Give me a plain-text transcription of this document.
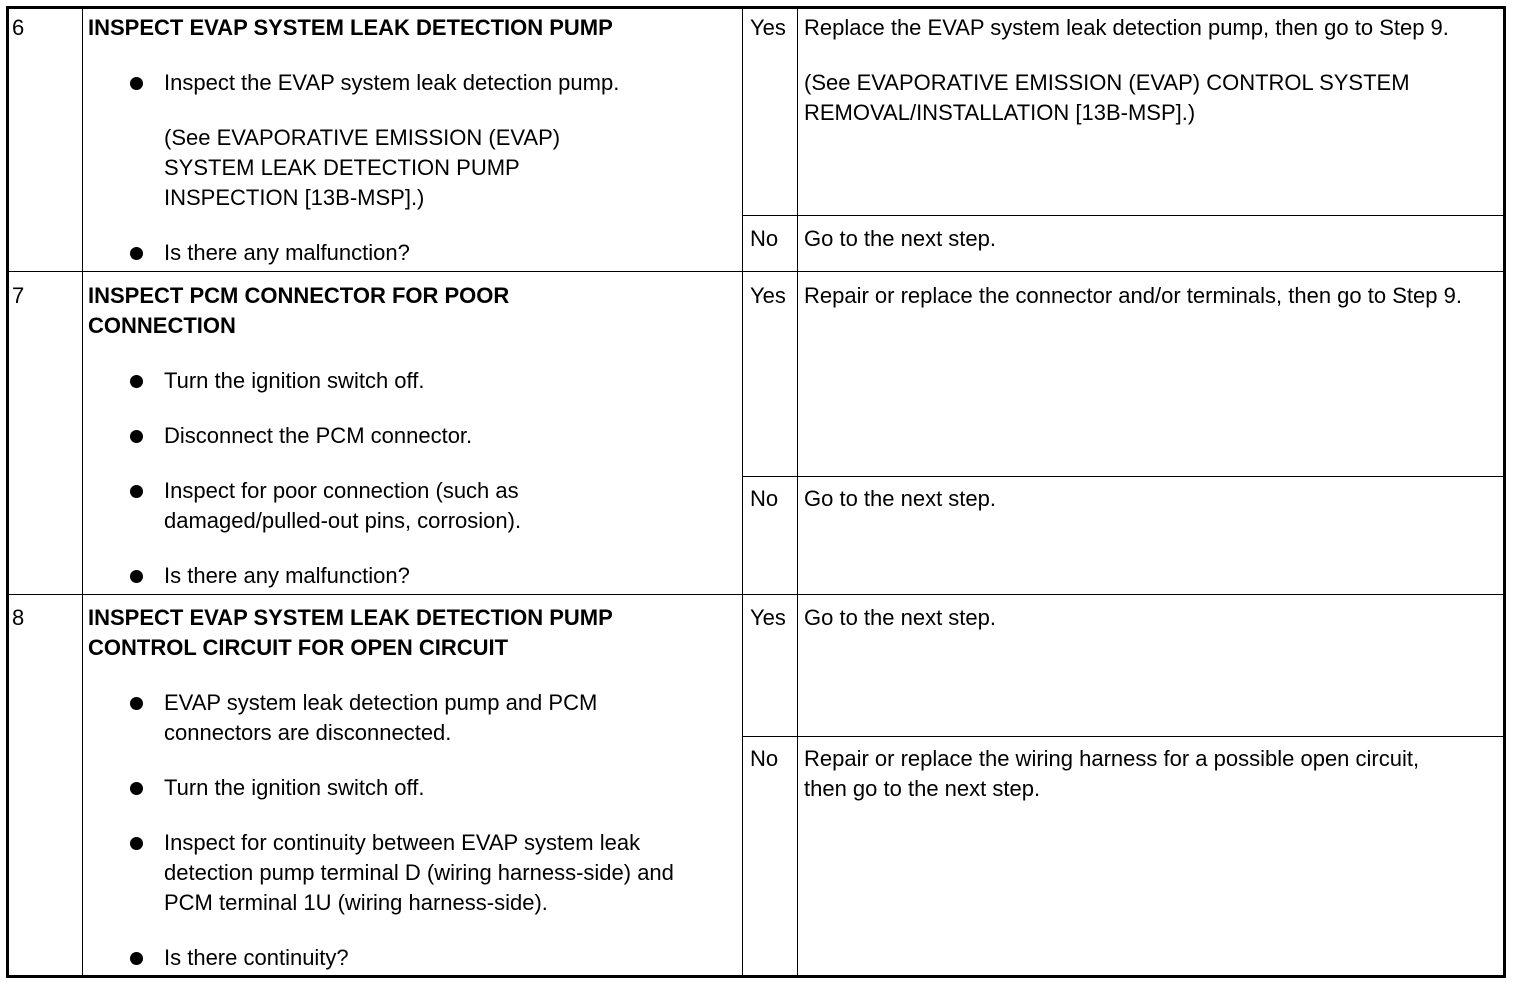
6	INSPECT EVAP SYSTEM LEAK DETECTION PUMP
Inspect the EVAP system leak detection pump.
(See EVAPORATIVE EMISSION (EVAP) SYSTEM LEAK DETECTION PUMP INSPECTION [13B-MSP].)
Is there any malfunction?
Yes Replace the EVAP system leak detection pump, then go to Step 9.
(See EVAPORATIVE EMISSION (EVAP) CONTROL SYSTEM REMOVAL/INSTALLATION [13B-MSP].)
No Go to the next step.
7	INSPECT PCM CONNECTOR FOR POOR CONNECTION
Turn the ignition switch off.
Disconnect the PCM connector.
Inspect for poor connection (such as damaged/pulled-out pins, corrosion).
Is there any malfunction?
Yes Repair or replace the connector and/or terminals, then go to Step 9.
No Go to the next step.
8	INSPECT EVAP SYSTEM LEAK DETECTION PUMP CONTROL CIRCUIT FOR OPEN CIRCUIT
EVAP system leak detection pump and PCM connectors are disconnected.
Turn the ignition switch off.
Inspect for continuity between EVAP system leak detection pump terminal D (wiring harness-side) and PCM terminal 1U (wiring harness-side).
Is there continuity?
Yes Go to the next step.
No Repair or replace the wiring harness for a possible open circuit, then go to the next step.
